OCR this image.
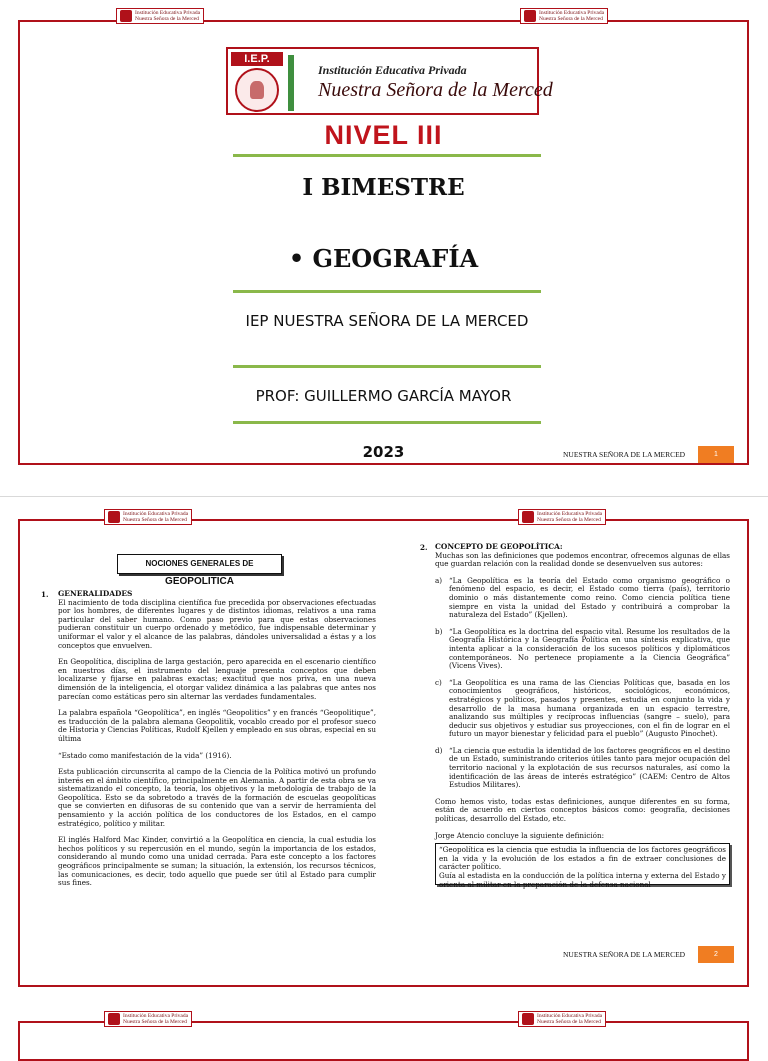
Institución Educativa Privada
Nuestra Señora de la Merced
Institución Educativa Privada
Nuestra Señora de la Merced
I.E.P.
Institución Educativa Privada
Nuestra Señora de la Merced
NIVEL III
I BIMESTRE
• GEOGRAFÍA
IEP NUESTRA SEÑORA DE LA MERCED
PROF: GUILLERMO GARCÍA MAYOR
2023	NUESTRA SEÑORA DE LA MERCED	1
Institución Educativa Privada
Nuestra Señora de la Merced
Institución Educativa Privada
Nuestra Señora de la Merced
NOCIONES GENERALES DE GEOPOLITICA
1. GENERALIDADES

El nacimiento de toda disciplina científica fue precedida por observaciones efectuadas por los hombres, de diferentes lugares y de distintos idiomas, relativos a una rama particular del saber humano. Como paso previo para que estas observaciones pudieran constituir un cuerpo ordenado y metódico, fue indispensable determinar y uniformar el valor y el alcance de las palabras, dándoles universalidad a éstas y a los conceptos que envuelven.

En Geopolítica, disciplina de larga gestación, pero aparecida en el escenario científico en nuestros días, el instrumento del lenguaje presenta conceptos que deben localizarse y fijarse en palabras exactas; exactitud que nos priva, en una nueva dimensión de la inteligencia, el otorgar validez dinámica a las palabras que antes nos parecían como estáticas pero sin alternar las verdades fundamentales.

La palabra española “Geopolítica”, en inglés “Geopolitics” y en francés “Geopolitique”, es traducción de la palabra alemana Geopolitik, vocablo creado por el profesor sueco de Historia y Ciencias Políticas, Rudolf Kjellen y empleado en sus obras, especial en su última

“Estado como manifestación de la vida” (1916).

Esta publicación circunscrita al campo de la Ciencia de la Política motivó un profundo interés en el ámbito científico, principalmente en Alemania. A partir de esta obra se va sistematizando el concepto, la teoría, los objetivos y la metodología de trabajo de la Geopolítica. Esto se da sobretodo a través de la formación de escuelas geopolíticas que se convierten en difusoras de su contenido que van a servir de herramienta del pensamiento y la acción política de los conductores de los Estados, en el campo estratégico, político y militar.

El inglés Halford Mac Kinder, convirtió a la Geopolítica en ciencia, la cual estudia los hechos políticos y su repercusión en el mundo, según la importancia de los estados, considerando al mundo como una unidad cerrada. Para este concepto a los factores geográficos principalmente se suman; la situación, la extensión, los recursos técnicos, las comunicaciones, es decir, todo aquello que puede ser útil al Estado para cumplir sus fines.

2. CONCEPTO DE GEOPOLÍTICA:

Muchas son las definiciones que podemos encontrar, ofrecemos algunas de ellas que guardan relación con la realidad donde se desenvuelven sus autores:

a) “La Geopolítica es la teoría del Estado como organismo geográfico o fenómeno del espacio, es decir, el Estado como tierra (país), territorio dominio o más distantemente como reino. Como ciencia política tiene siempre en vista la unidad del Estado y contribuirá a comprobar la naturaleza del Estado” (Kjellen).
b) “La Geopolítica es la doctrina del espacio vital. Resume los resultados de la Geografía Histórica y la Geografía Política en una síntesis explicativa, que intenta aplicar a la consideración de los sucesos políticos y diplomáticos contemporáneos. No pertenece propiamente a la Ciencia Geográfica” (Vicens Vives).
c) “La Geopolítica es una rama de las Ciencias Políticas que, basada en los conocimientos geográficos, históricos, sociológicos, económicos, estratégicos y políticos, pasados y presentes, estudia en conjunto la vida y desarrollo de la masa humana organizada en un espacio terrestre, analizando sus múltiples y recíprocas influencias (sangre – suelo), para deducir sus objetivos y estudiar sus proyecciones, con el fin de lograr en el futuro un mayor bienestar y felicidad para el pueblo” (Augusto Pinochet).
d) “La ciencia que estudia la identidad de los factores geográficos en el destino de un Estado, suministrando criterios útiles tanto para mejor ocupación del territorio nacional y la explotación de sus recursos naturales, así como la identificación de las áreas de interés estratégico” (CAEM: Centro de Altos Estudios Militares).

Como hemos visto, todas estas definiciones, aunque diferentes en su forma, están de acuerdo en ciertos conceptos básicos como: geografía, decisiones políticas, desarrollo del Estado, etc.

Jorge Atencio concluye la siguiente definición:

“Geopolítica es la ciencia que estudia la influencia de los factores geográficos en la vida y la evolución de los estados a fin de extraer conclusiones de carácter político.
Guía al estadista en la conducción de la política interna y externa del Estado y orienta al militar en la preparación de la defensa nacional
NUESTRA SEÑORA DE LA MERCED	2
Institución Educativa Privada
Nuestra Señora de la Merced
Institución Educativa Privada
Nuestra Señora de la Merced
